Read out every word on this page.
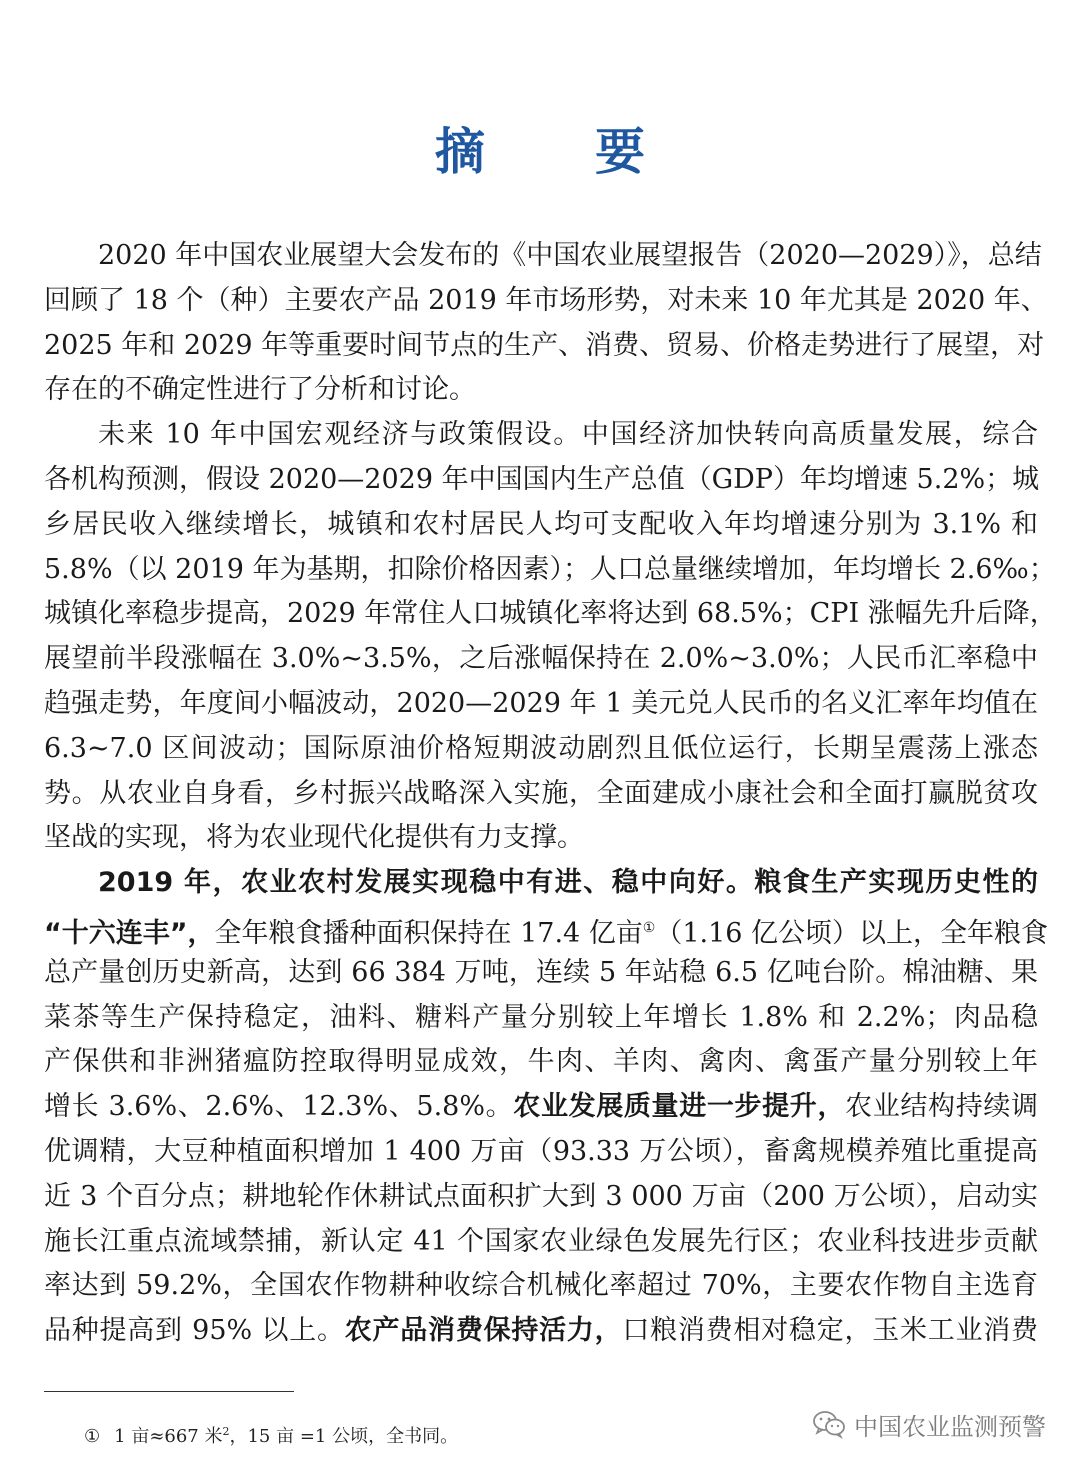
摘 要
2020 年中国农业展望大会发布的《中国农业展望报告（2020—2029）》，总结
回顾了 18 个（种）主要农产品 2019 年市场形势，对未来 10 年尤其是 2020 年、
2025 年和 2029 年等重要时间节点的生产、消费、贸易、价格走势进行了展望，对
存在的不确定性进行了分析和讨论。
未来 10 年中国宏观经济与政策假设。中国经济加快转向高质量发展，综合
各机构预测，假设 2020—2029 年中国国内生产总值（GDP）年均增速 5.2%；城
乡居民收入继续增长，城镇和农村居民人均可支配收入年均增速分别为 3.1% 和
5.8%（以 2019 年为基期，扣除价格因素）；人口总量继续增加，年均增长 2.6‰；
城镇化率稳步提高，2029 年常住人口城镇化率将达到 68.5%；CPI 涨幅先升后降，
展望前半段涨幅在 3.0%~3.5%，之后涨幅保持在 2.0%~3.0%；人民币汇率稳中
趋强走势，年度间小幅波动，2020—2029 年 1 美元兑人民币的名义汇率年均值在
6.3~7.0 区间波动；国际原油价格短期波动剧烈且低位运行，长期呈震荡上涨态
势。从农业自身看，乡村振兴战略深入实施，全面建成小康社会和全面打赢脱贫攻
坚战的实现，将为农业现代化提供有力支撑。
2019 年，农业农村发展实现稳中有进、稳中向好。粮食生产实现历史性的
“十六连丰”，全年粮食播种面积保持在 17.4 亿亩①（1.16 亿公顷）以上，全年粮食
总产量创历史新高，达到 66 384 万吨，连续 5 年站稳 6.5 亿吨台阶。棉油糖、果
菜茶等生产保持稳定，油料、糖料产量分别较上年增长 1.8% 和 2.2%；肉品稳
产保供和非洲猪瘟防控取得明显成效，牛肉、羊肉、禽肉、禽蛋产量分别较上年
增长 3.6%、2.6%、12.3%、5.8%。农业发展质量进一步提升，农业结构持续调
优调精，大豆种植面积增加 1 400 万亩（93.33 万公顷），畜禽规模养殖比重提高
近 3 个百分点；耕地轮作休耕试点面积扩大到 3 000 万亩（200 万公顷），启动实
施长江重点流域禁捕，新认定 41 个国家农业绿色发展先行区；农业科技进步贡献
率达到 59.2%，全国农作物耕种收综合机械化率超过 70%，主要农作物自主选育
品种提高到 95% 以上。农产品消费保持活力，口粮消费相对稳定，玉米工业消费
① 1 亩≈667 米$^2$，15 亩 =1 公顷，全书同。	中国农业监测预警
